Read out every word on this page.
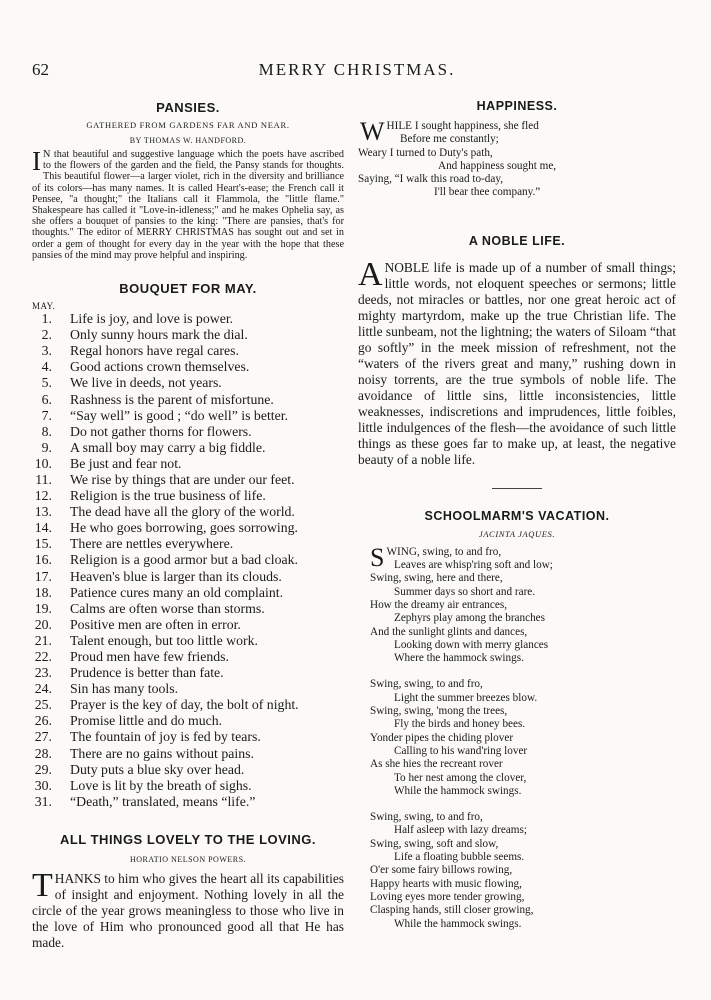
62	MERRY CHRISTMAS.
PANSIES.
GATHERED FROM GARDENS FAR AND NEAR.
BY THOMAS W. HANDFORD.
I N that beautiful and suggestive language which the poets have ascribed to the flowers of the garden and the field, the Pansy stands for thoughts. This beautiful flower—a larger violet, rich in the diversity and brilliance of its colors—has many names. It is called Heart's-ease; the French call it Pensee, "a thought;" the Italians call it Flammola, the "little flame." Shakespeare has called it "Love-in-idleness;" and he makes Ophelia say, as she offers a bouquet of pansies to the king: "There are pansies, that's for thoughts." The editor of MERRY CHRISTMAS has sought out and set in order a gem of thought for every day in the year with the hope that these pansies of the mind may prove helpful and inspiring.
BOUQUET FOR MAY.
MAY.
1. Life is joy, and love is power.
2. Only sunny hours mark the dial.
3. Regal honors have regal cares.
4. Good actions crown themselves.
5. We live in deeds, not years.
6. Rashness is the parent of misfortune.
7. “Say well” is good ; “do well” is better.
8. Do not gather thorns for flowers.
9. A small boy may carry a big fiddle.
10. Be just and fear not.
11. We rise by things that are under our feet.
12. Religion is the true business of life.
13. The dead have all the glory of the world.
14. He who goes borrowing, goes sorrowing.
15. There are nettles everywhere.
16. Religion is a good armor but a bad cloak.
17. Heaven's blue is larger than its clouds.
18. Patience cures many an old complaint.
19. Calms are often worse than storms.
20. Positive men are often in error.
21. Talent enough, but too little work.
22. Proud men have few friends.
23. Prudence is better than fate.
24. Sin has many tools.
25. Prayer is the key of day, the bolt of night.
26. Promise little and do much.
27. The fountain of joy is fed by tears.
28. There are no gains without pains.
29. Duty puts a blue sky over head.
30. Love is lit by the breath of sighs.
31. “Death,” translated, means “life.”
ALL THINGS LOVELY TO THE LOVING.
HORATIO NELSON POWERS.
T HANKS to him who gives the heart all its capabilities of insight and enjoyment. Nothing lovely in all the circle of the year grows meaningless to those who live in the love of Him who pronounced good all that He has made.
HAPPINESS.
W HILE I sought happiness, she fled
Before me constantly;
Weary I turned to Duty's path,
And happiness sought me,
Saying, “I walk this road to-day,
I'll bear thee company.”
A NOBLE LIFE.
A NOBLE life is made up of a number of small things; little words, not eloquent speeches or sermons; little deeds, not miracles or battles, nor one great heroic act of mighty martyrdom, make up the true Christian life. The little sunbeam, not the lightning; the waters of Siloam “that go softly” in the meek mission of refreshment, not the “waters of the rivers great and many,” rushing down in noisy torrents, are the true symbols of noble life. The avoidance of little sins, little inconsistencies, little weaknesses, indiscretions and imprudences, little foibles, little indulgences of the flesh—the avoidance of such little things as these goes far to make up, at least, the negative beauty of a noble life.
SCHOOLMARM'S VACATION.
JACINTA JAQUES.
S WING, swing, to and fro,
Leaves are whisp'ring soft and low;
Swing, swing, here and there,
Summer days so short and rare.
How the dreamy air entrances,
Zephyrs play among the branches
And the sunlight glints and dances,
Looking down with merry glances
Where the hammock swings.
Swing, swing, to and fro,
Light the summer breezes blow.
Swing, swing, 'mong the trees,
Fly the birds and honey bees.
Yonder pipes the chiding plover
Calling to his wand'ring lover
As she hies the recreant rover
To her nest among the clover,
While the hammock swings.
Swing, swing, to and fro,
Half asleep with lazy dreams;
Swing, swing, soft and slow,
Life a floating bubble seems.
O'er some fairy billows rowing,
Happy hearts with music flowing,
Loving eyes more tender growing,
Clasping hands, still closer growing,
While the hammock swings.
